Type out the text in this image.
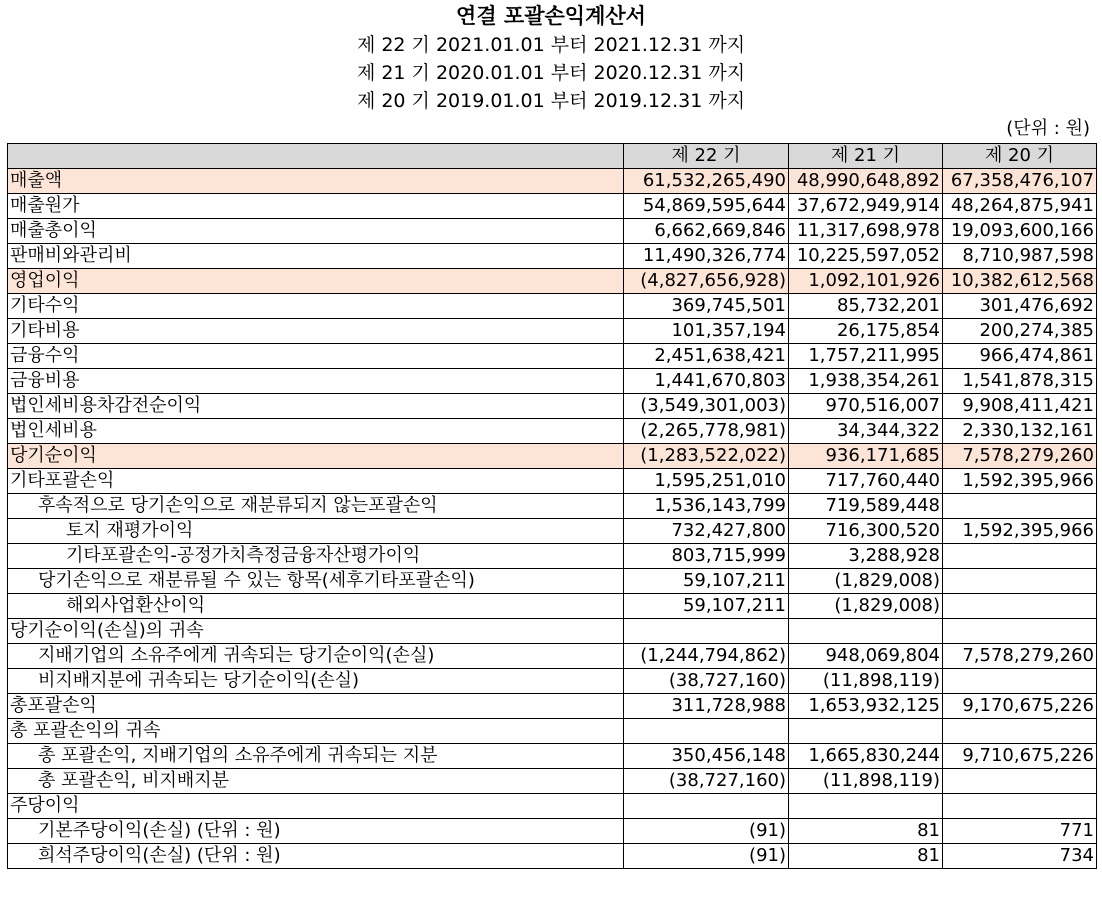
연결 포괄손익계산서
제 22 기 2021.01.01 부터 2021.12.31 까지
제 21 기 2020.01.01 부터 2020.12.31 까지
제 20 기 2019.01.01 부터 2019.12.31 까지
(단위 : 원)
	제 22 기	제 21 기	제 20 기
매출액	61,532,265,490	48,990,648,892	67,358,476,107
매출원가	54,869,595,644	37,672,949,914	48,264,875,941
매출총이익	6,662,669,846	11,317,698,978	19,093,600,166
판매비와관리비	11,490,326,774	10,225,597,052	8,710,987,598
영업이익	(4,827,656,928)	1,092,101,926	10,382,612,568
기타수익	369,745,501	85,732,201	301,476,692
기타비용	101,357,194	26,175,854	200,274,385
금융수익	2,451,638,421	1,757,211,995	966,474,861
금융비용	1,441,670,803	1,938,354,261	1,541,878,315
법인세비용차감전순이익	(3,549,301,003)	970,516,007	9,908,411,421
법인세비용	(2,265,778,981)	34,344,322	2,330,132,161
당기순이익	(1,283,522,022)	936,171,685	7,578,279,260
기타포괄손익	1,595,251,010	717,760,440	1,592,395,966
후속적으로 당기손익으로 재분류되지 않는포괄손익	1,536,143,799	719,589,448	
토지 재평가이익	732,427,800	716,300,520	1,592,395,966
기타포괄손익-공정가치측정금융자산평가이익	803,715,999	3,288,928	
당기손익으로 재분류될 수 있는 항목(세후기타포괄손익)	59,107,211	(1,829,008)	
해외사업환산이익	59,107,211	(1,829,008)	
당기순이익(손실)의 귀속			
지배기업의 소유주에게 귀속되는 당기순이익(손실)	(1,244,794,862)	948,069,804	7,578,279,260
비지배지분에 귀속되는 당기순이익(손실)	(38,727,160)	(11,898,119)	
총포괄손익	311,728,988	1,653,932,125	9,170,675,226
총 포괄손익의 귀속			
총 포괄손익, 지배기업의 소유주에게 귀속되는 지분	350,456,148	1,665,830,244	9,710,675,226
총 포괄손익, 비지배지분	(38,727,160)	(11,898,119)	
주당이익			
기본주당이익(손실) (단위 : 원)	(91)	81	771
희석주당이익(손실) (단위 : 원)	(91)	81	734
